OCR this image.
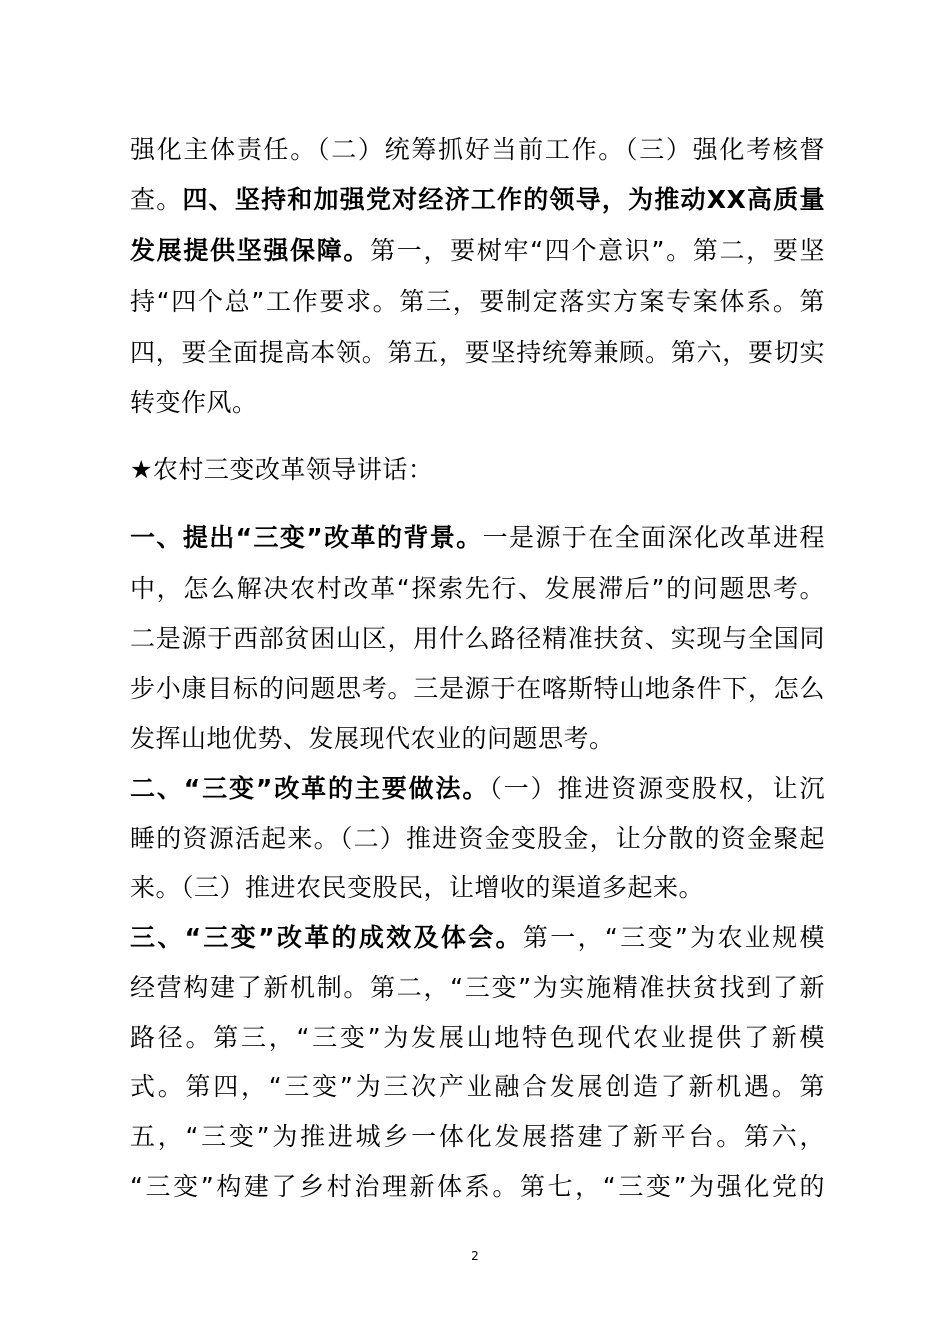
强化主体责任。（二）统筹抓好当前工作。（三）强化考核督
查。四、坚持和加强党对经济工作的领导，为推动XX高质量
发展提供坚强保障。第一，要树牢“四个意识”。第二，要坚
持“四个总”工作要求。第三，要制定落实方案专案体系。第
四，要全面提高本领。第五，要坚持统筹兼顾。第六，要切实
转变作风。
★农村三变改革领导讲话：
一、提出“三变”改革的背景。一是源于在全面深化改革进程
中，怎么解决农村改革“探索先行、发展滞后”的问题思考。
二是源于西部贫困山区，用什么路径精准扶贫、实现与全国同
步小康目标的问题思考。三是源于在喀斯特山地条件下，怎么
发挥山地优势、发展现代农业的问题思考。
二、“三变”改革的主要做法。（一）推进资源变股权，让沉
睡的资源活起来。（二）推进资金变股金，让分散的资金聚起
来。（三）推进农民变股民，让增收的渠道多起来。
三、“三变”改革的成效及体会。第一，“三变”为农业规模
经营构建了新机制。第二，“三变”为实施精准扶贫找到了新
路径。第三，“三变”为发展山地特色现代农业提供了新模
式。第四，“三变”为三次产业融合发展创造了新机遇。第
五，“三变”为推进城乡一体化发展搭建了新平台。第六，
“三变”构建了乡村治理新体系。第七，“三变”为强化党的
2
